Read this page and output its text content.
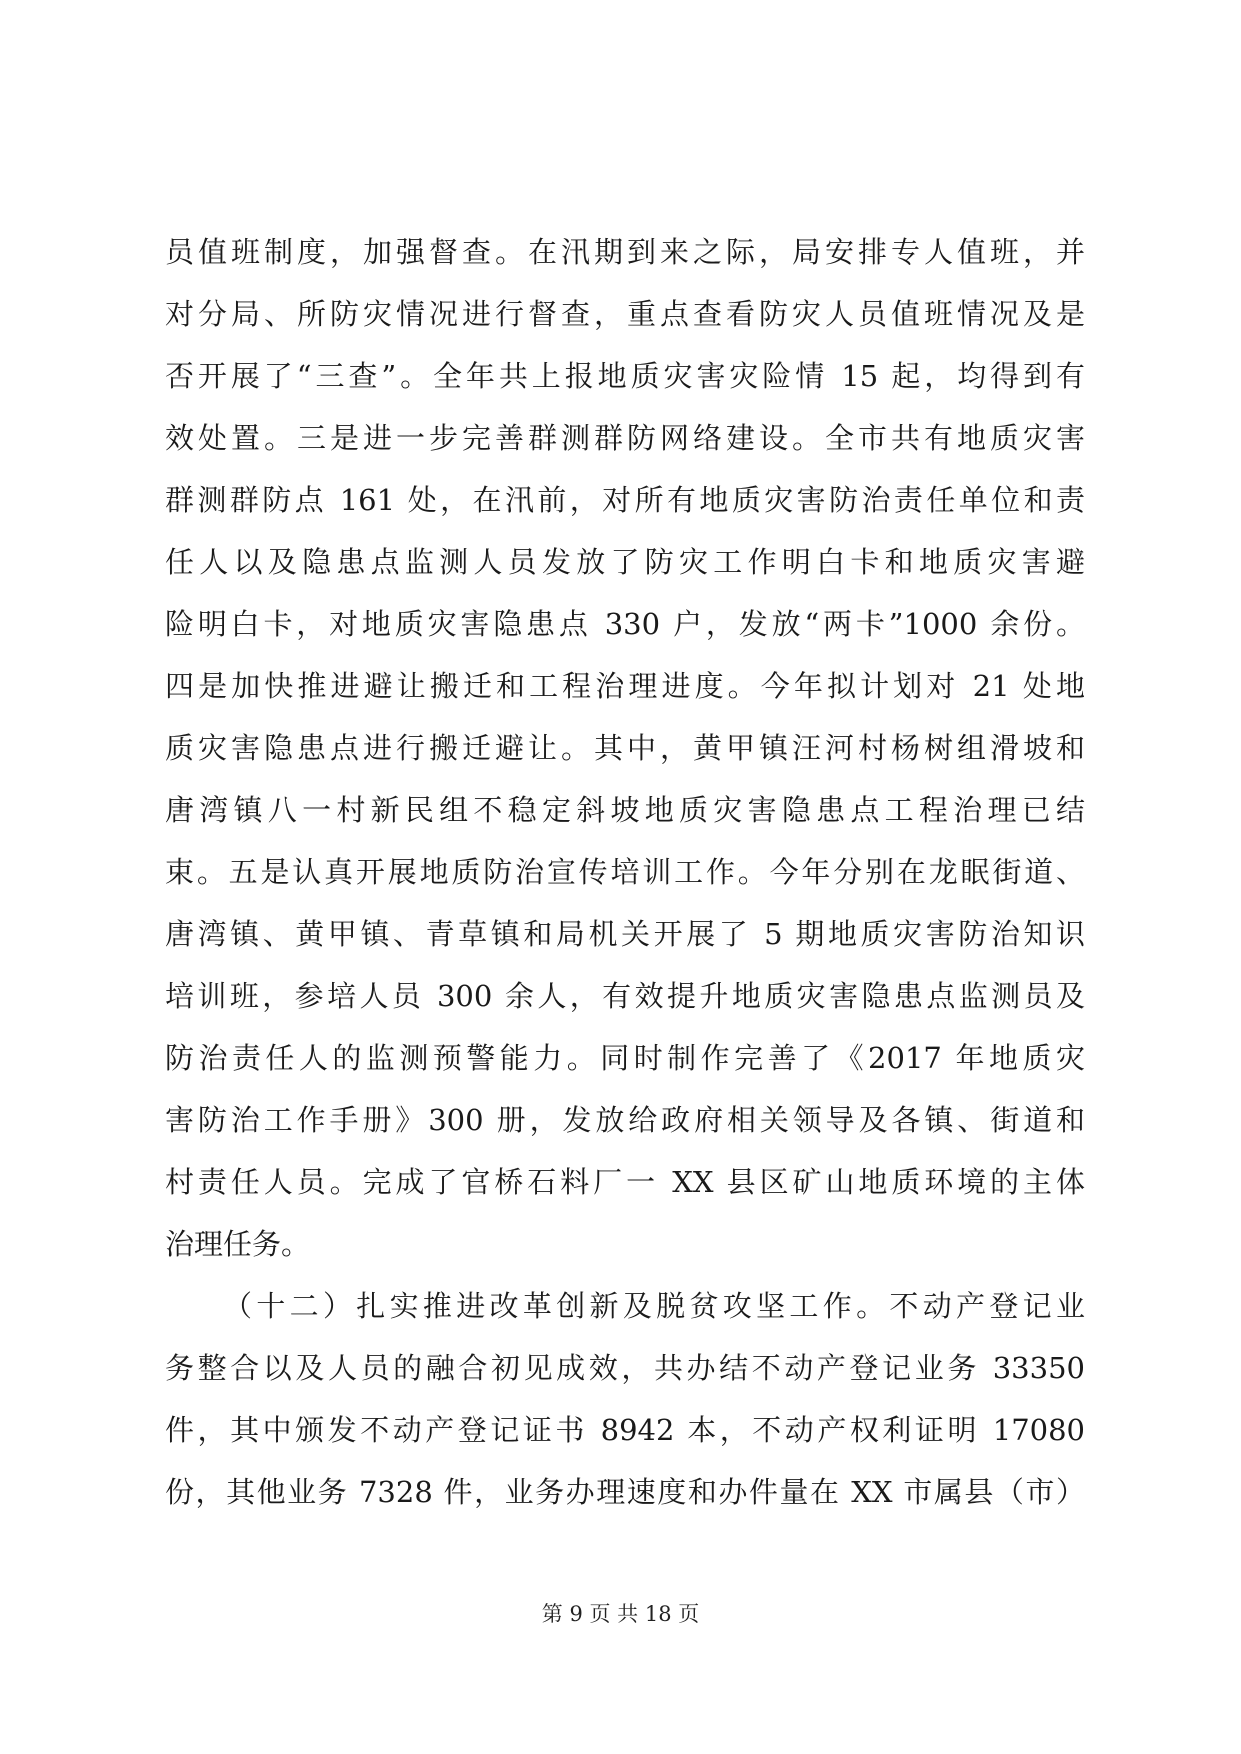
员值班制度，加强督查。在汛期到来之际，局安排专人值班，并
对分局、所防灾情况进行督查，重点查看防灾人员值班情况及是
否开展了“三查”。全年共上报地质灾害灾险情 15 起，均得到有
效处置。三是进一步完善群测群防网络建设。全市共有地质灾害
群测群防点 161 处，在汛前，对所有地质灾害防治责任单位和责
任人以及隐患点监测人员发放了防灾工作明白卡和地质灾害避
险明白卡，对地质灾害隐患点 330 户，发放“两卡”1000 余份。
四是加快推进避让搬迁和工程治理进度。今年拟计划对 21 处地
质灾害隐患点进行搬迁避让。其中，黄甲镇汪河村杨树组滑坡和
唐湾镇八一村新民组不稳定斜坡地质灾害隐患点工程治理已结
束。五是认真开展地质防治宣传培训工作。今年分别在龙眠街道、
唐湾镇、黄甲镇、青草镇和局机关开展了 5 期地质灾害防治知识
培训班，参培人员 300 余人，有效提升地质灾害隐患点监测员及
防治责任人的监测预警能力。同时制作完善了《2017 年地质灾
害防治工作手册》300 册，发放给政府相关领导及各镇、街道和
村责任人员。完成了官桥石料厂一 XX 县区矿山地质环境的主体
治理任务。
（十二）扎实推进改革创新及脱贫攻坚工作。不动产登记业
务整合以及人员的融合初见成效，共办结不动产登记业务 33350
件，其中颁发不动产登记证书 8942 本，不动产权利证明 17080
份，其他业务 7328 件，业务办理速度和办件量在 XX 市属县（市）
第 9 页 共 18 页
